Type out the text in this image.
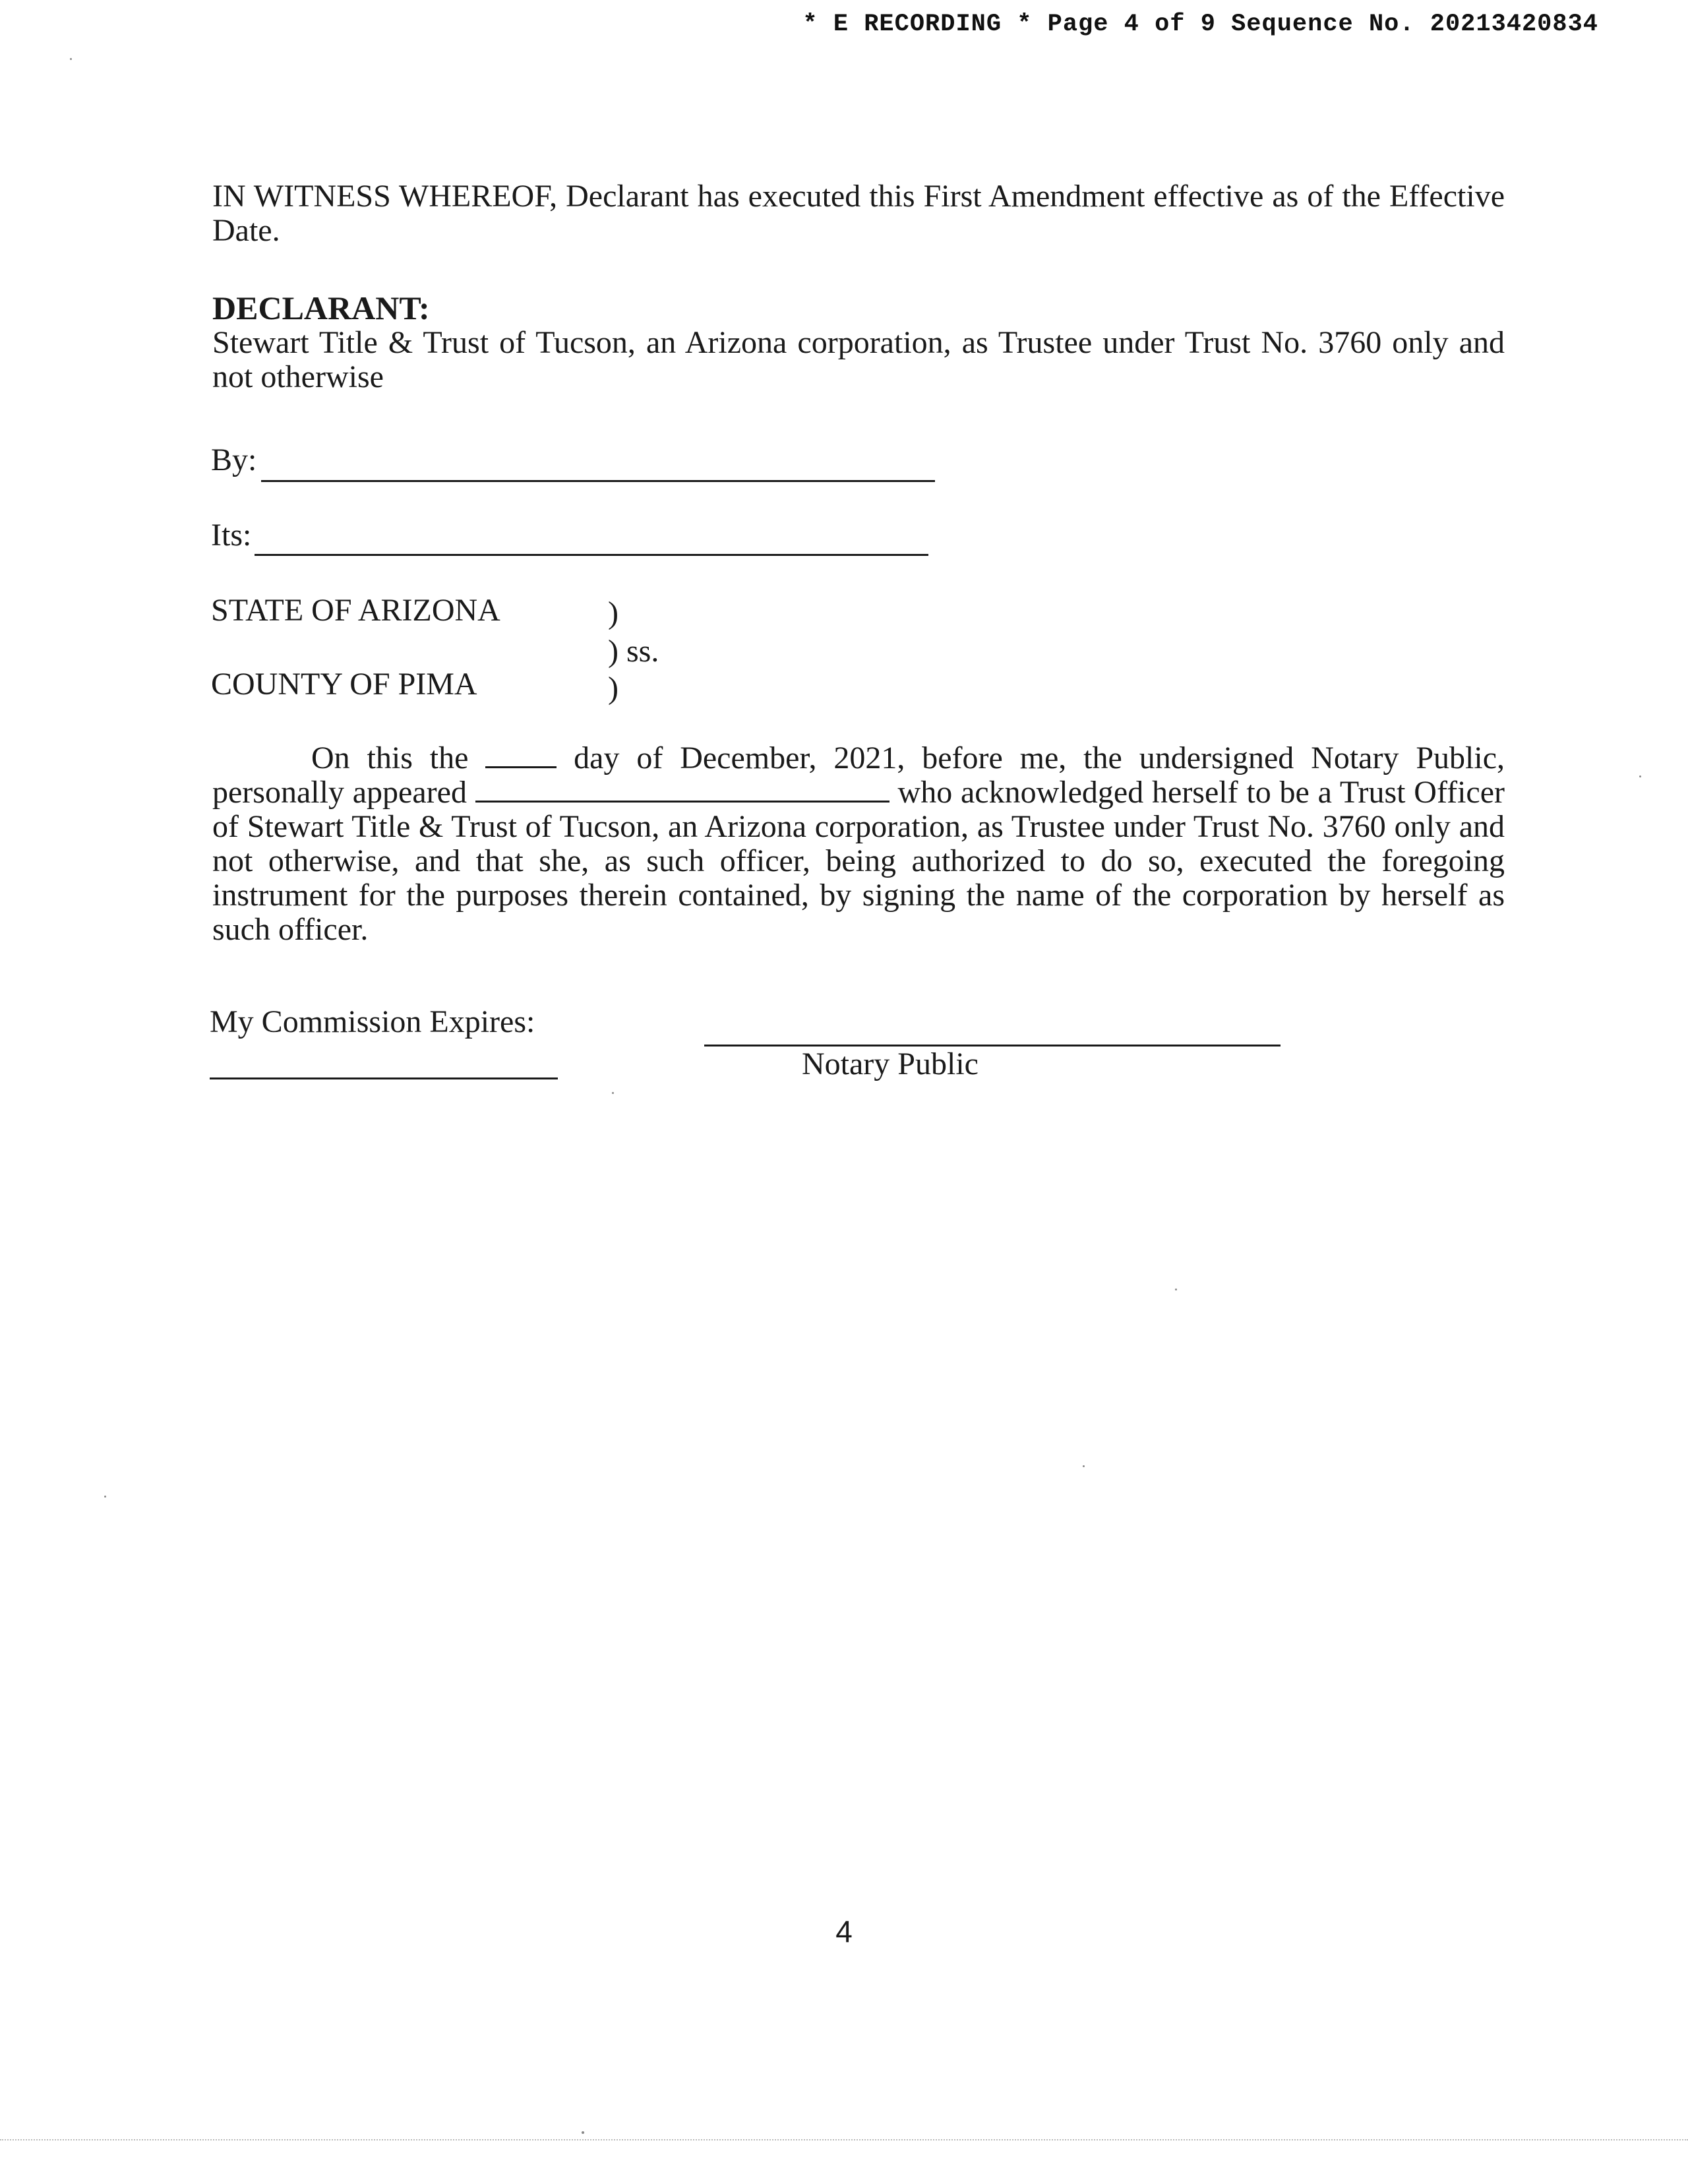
* E RECORDING * Page 4 of 9 Sequence No. 20213420834
IN WITNESS WHEREOF, Declarant has executed this First Amendment effective as of the Effective Date.
DECLARANT:
Stewart Title & Trust of Tucson, an Arizona corporation, as Trustee under Trust No. 3760 only and not otherwise
By:
Its:
STATE OF ARIZONA	)
) ss.
COUNTY OF PIMA	)
On this the	day of December, 2021, before me, the undersigned Notary Public, personally appeared	who acknowledged herself to be a Trust Officer of Stewart Title & Trust of Tucson, an Arizona corporation, as Trustee under Trust No. 3760 only and not otherwise, and that she, as such officer, being authorized to do so, executed the foregoing instrument for the purposes therein contained, by signing the name of the corporation by herself as such officer.
My Commission Expires:
Notary Public
4
